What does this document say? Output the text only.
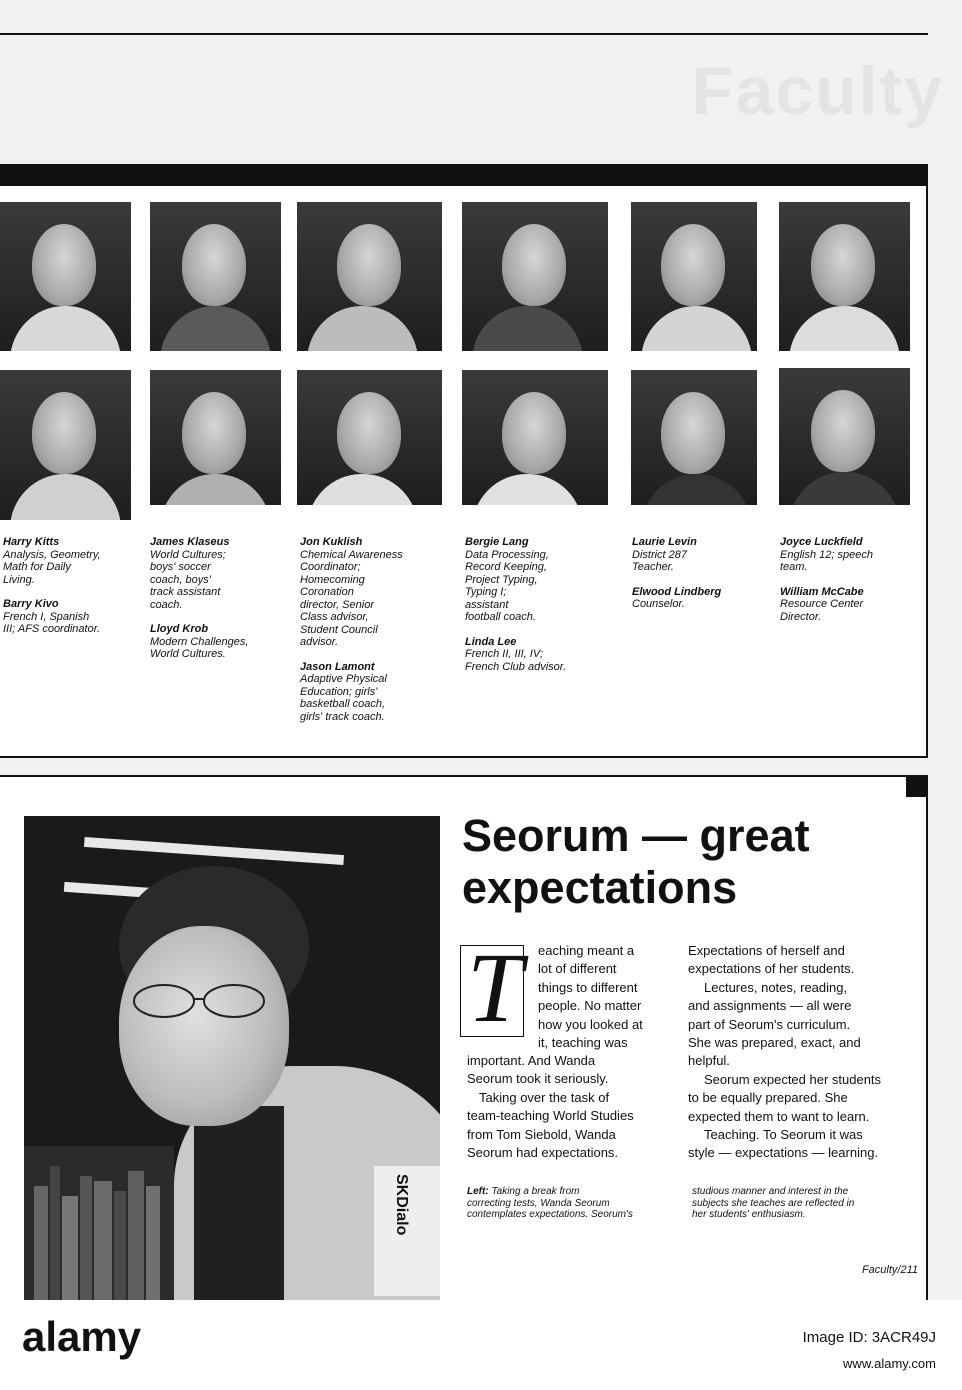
Faculty
Harry Kitts
Analysis, Geometry,
Math for Daily
Living.
Barry Kivo
French I, Spanish
III; AFS coordinator.
James Klaseus
World Cultures;
boys' soccer
coach, boys'
track assistant
coach.
Lloyd Krob
Modern Challenges,
World Cultures.
Jon Kuklish
Chemical Awareness
Coordinator;
Homecoming
Coronation
director, Senior
Class advisor,
Student Council
advisor.
Jason Lamont
Adaptive Physical
Education; girls'
basketball coach,
girls' track coach.
Bergie Lang
Data Processing,
Record Keeping,
Project Typing,
Typing I;
assistant
football coach.
Linda Lee
French II, III, IV;
French Club advisor.
Laurie Levin
District 287
Teacher.
Elwood Lindberg
Counselor.
Joyce Luckfield
English 12; speech
team.
William McCabe
Resource Center
Director.
SKDialo
Seorum — great
expectations
T eaching meant a
lot of different
things to different
people. No matter
how you looked at
it, teaching was
important. And Wanda
Seorum took it seriously.
Taking over the task of
team-teaching World Studies
from Tom Siebold, Wanda
Seorum had expectations.
Expectations of herself and
expectations of her students.
Lectures, notes, reading,
and assignments — all were
part of Seorum's curriculum.
She was prepared, exact, and
helpful.
Seorum expected her students
to be equally prepared. She
expected them to want to learn.
Teaching. To Seorum it was
style — expectations — learning.
Left: Taking a break from
correcting tests, Wanda Seorum
contemplates expectations. Seorum's
studious manner and interest in the
subjects she teaches are reflected in
her students' enthusiasm.
Faculty/211
alamy	Image ID: 3ACR49J
www.alamy.com
